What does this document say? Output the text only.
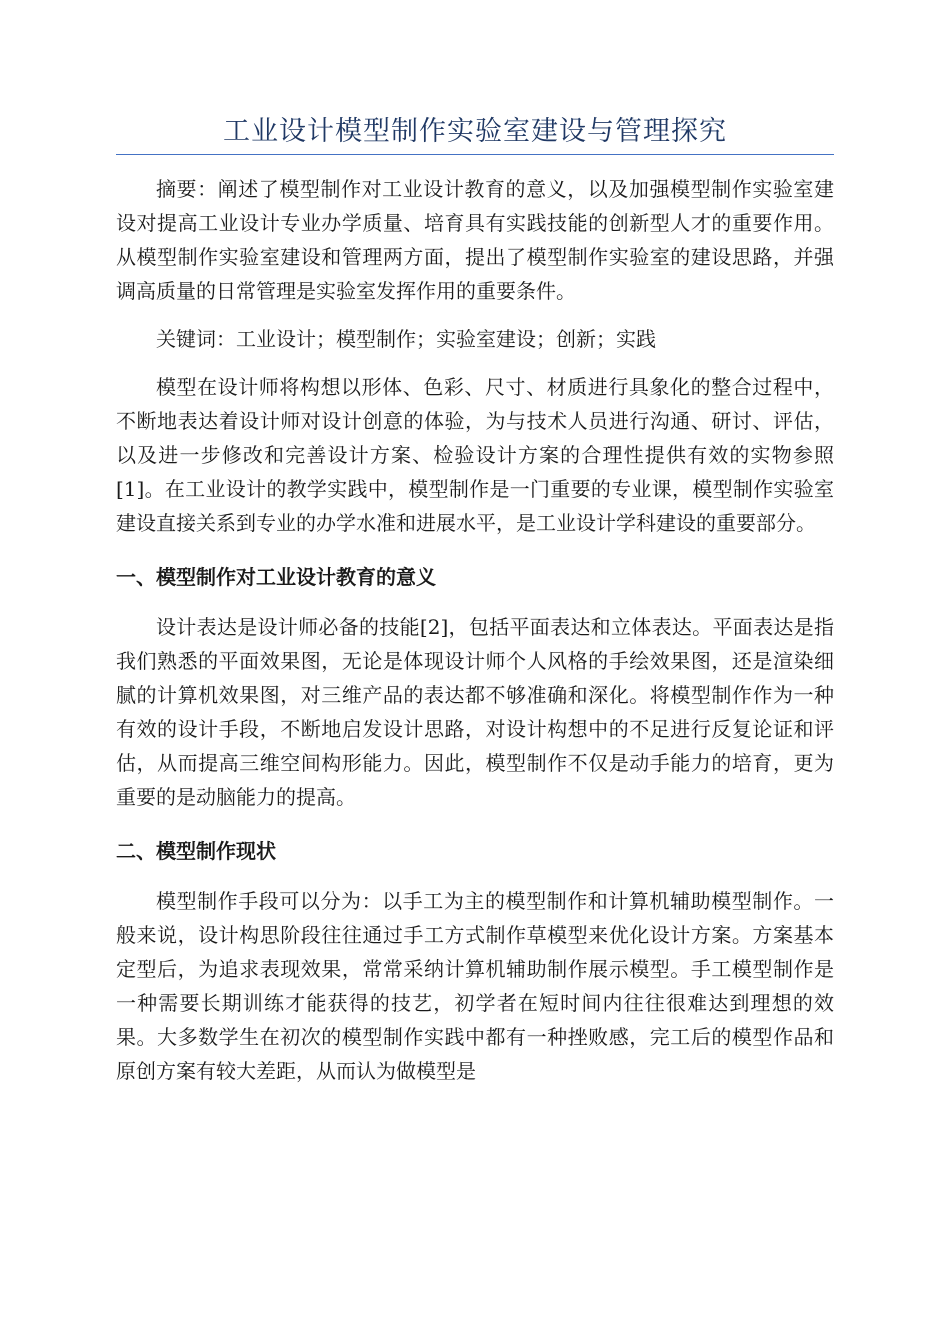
工业设计模型制作实验室建设与管理探究

摘要：阐述了模型制作对工业设计教育的意义，以及加强模型制作实验室建设对提高工业设计专业办学质量、培育具有实践技能的创新型人才的重要作用。从模型制作实验室建设和管理两方面，提出了模型制作实验室的建设思路，并强调高质量的日常管理是实验室发挥作用的重要条件。

关键词：工业设计；模型制作；实验室建设；创新；实践

模型在设计师将构想以形体、色彩、尺寸、材质进行具象化的整合过程中，不断地表达着设计师对设计创意的体验，为与技术人员进行沟通、研讨、评估，以及进一步修改和完善设计方案、检验设计方案的合理性提供有效的实物参照[1]。在工业设计的教学实践中，模型制作是一门重要的专业课，模型制作实验室建设直接关系到专业的办学水准和进展水平，是工业设计学科建设的重要部分。

一、模型制作对工业设计教育的意义

设计表达是设计师必备的技能[2]，包括平面表达和立体表达。平面表达是指我们熟悉的平面效果图，无论是体现设计师个人风格的手绘效果图，还是渲染细腻的计算机效果图，对三维产品的表达都不够准确和深化。将模型制作作为一种有效的设计手段，不断地启发设计思路，对设计构想中的不足进行反复论证和评估，从而提高三维空间构形能力。因此，模型制作不仅是动手能力的培育，更为重要的是动脑能力的提高。

二、模型制作现状

模型制作手段可以分为：以手工为主的模型制作和计算机辅助模型制作。一般来说，设计构思阶段往往通过手工方式制作草模型来优化设计方案。方案基本定型后，为追求表现效果，常常采纳计算机辅助制作展示模型。手工模型制作是一种需要长期训练才能获得的技艺，初学者在短时间内往往很难达到理想的效果。大多数学生在初次的模型制作实践中都有一种挫败感，完工后的模型作品和原创方案有较大差距，从而认为做模型是
